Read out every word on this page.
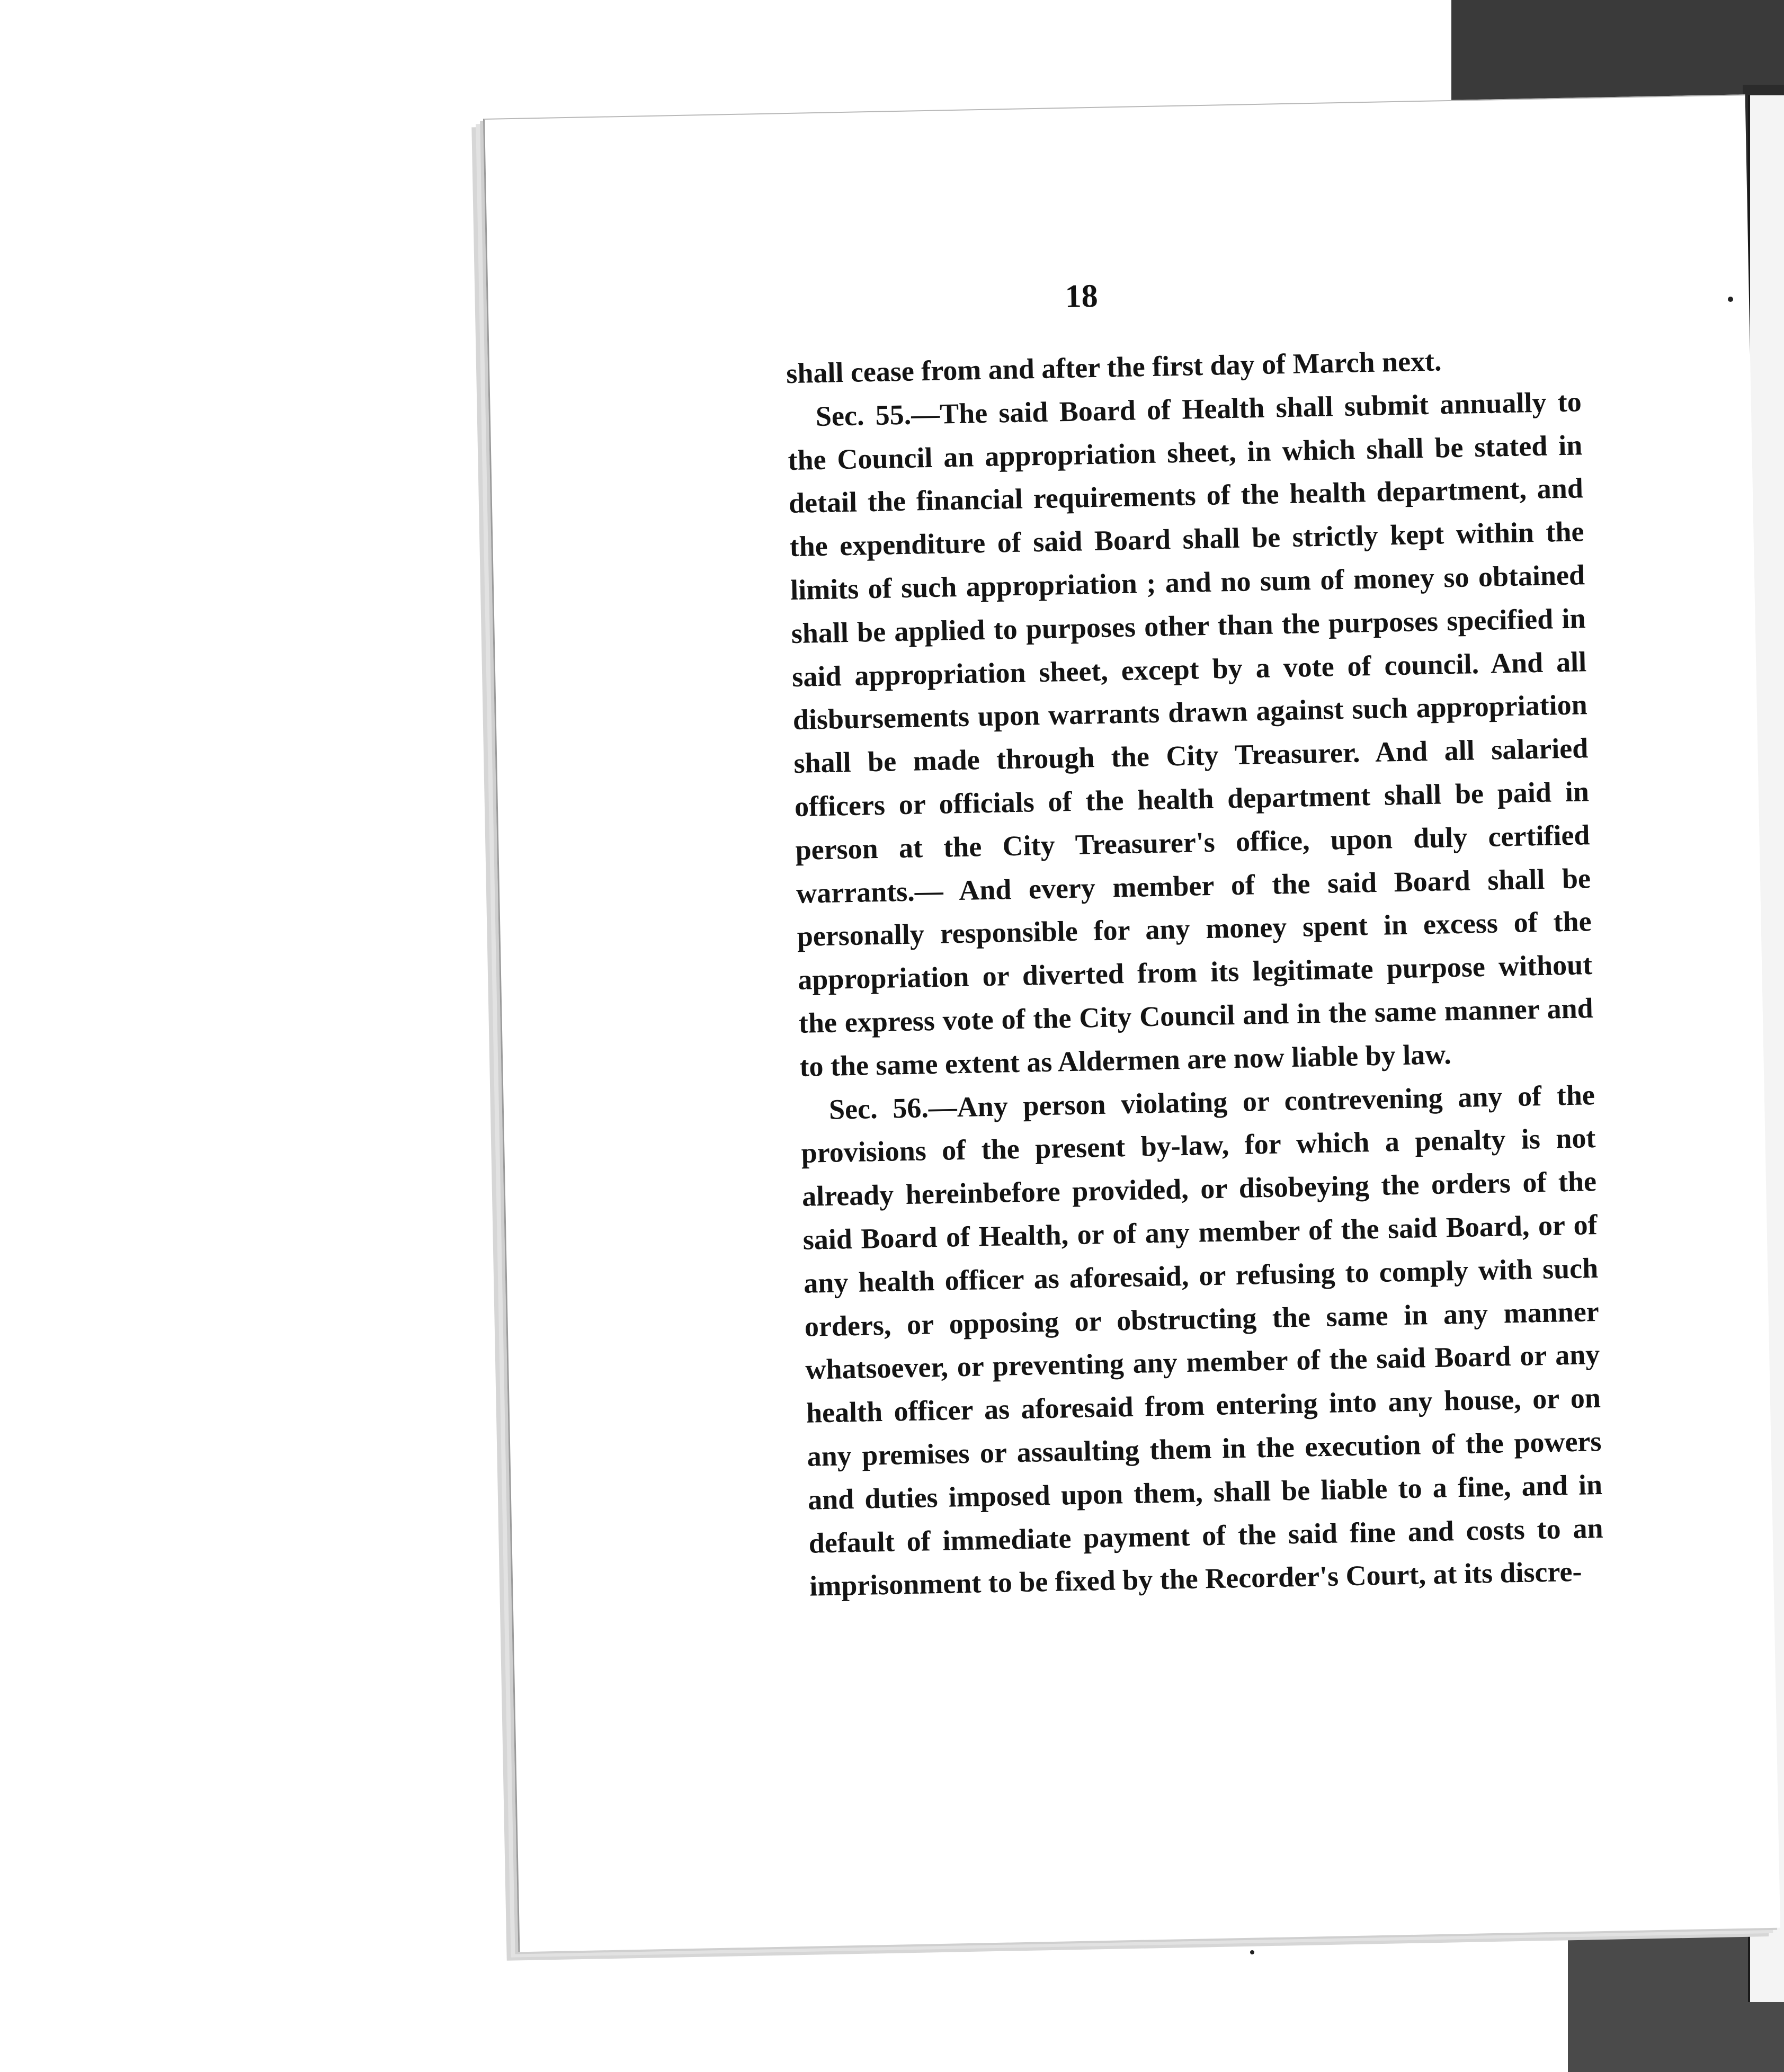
18

shall cease from and after the first day of March next.

Sec. 55.—The said Board of Health shall submit annually to the Council an appropriation sheet, in which shall be stated in detail the financial requirements of the health department, and the expenditure of said Board shall be strictly kept within the limits of such appropriation ; and no sum of money so obtained shall be applied to purposes other than the purposes specified in said appropriation sheet, except by a vote of council. And all disbursements upon warrants drawn against such appropriation shall be made through the City Treasurer. And all salaried officers or officials of the health department shall be paid in person at the City Treasurer's office, upon duly certified warrants.— And every member of the said Board shall be personally responsible for any money spent in excess of the appropriation or diverted from its legitimate purpose without the express vote of the City Council and in the same manner and to the same extent as Aldermen are now liable by law.

Sec. 56.—Any person violating or contrevening any of the provisions of the present by-law, for which a penalty is not already hereinbefore provided, or disobeying the orders of the said Board of Health, or of any member of the said Board, or of any health officer as aforesaid, or refusing to comply with such orders, or opposing or obstructing the same in any manner whatsoever, or preventing any member of the said Board or any health officer as aforesaid from entering into any house, or on any premises or assaulting them in the execution of the powers and duties imposed upon them, shall be liable to a fine, and in default of immediate payment of the said fine and costs to an imprisonment to be fixed by the Recorder's Court, at its discre-
